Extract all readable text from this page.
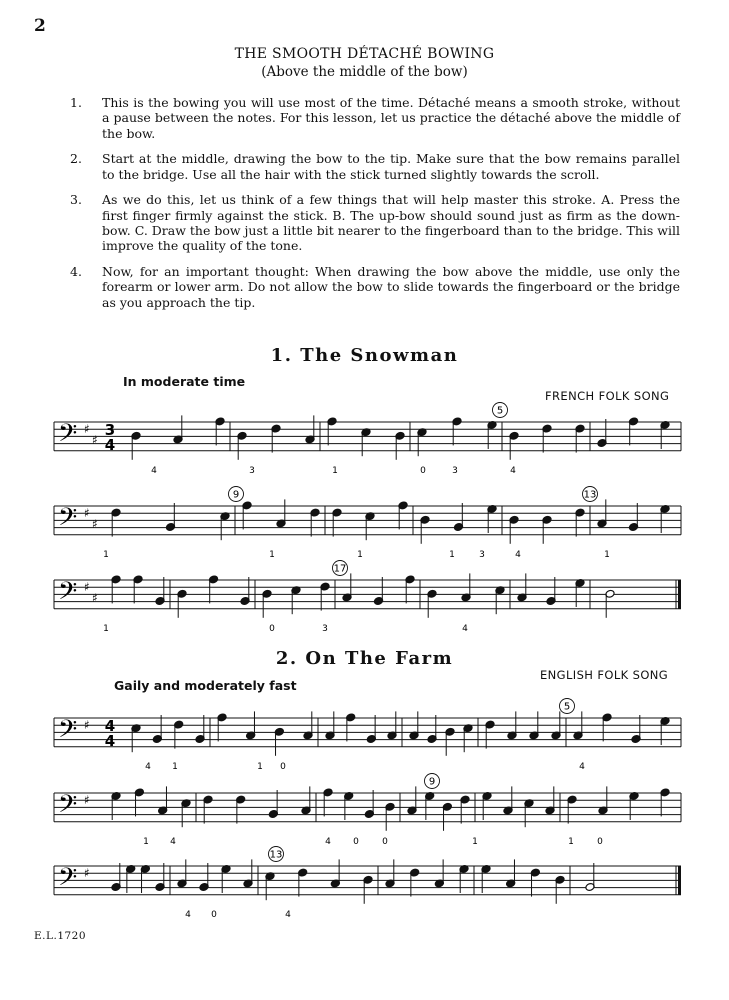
2
THE SMOOTH DÉTACHÉ BOWING
(Above the middle of the bow)
1. This is the bowing you will use most of the time. Détaché means a smooth stroke, without a pause between the notes. For this lesson, let us practice the détaché above the middle of the bow.
2. Start at the middle, drawing the bow to the tip. Make sure that the bow remains parallel to the bridge. Use all the hair with the stick turned slightly towards the scroll.
3. As we do this, let us think of a few things that will help master this stroke. A. Press the first finger firmly against the stick. B. The up-bow should sound just as firm as the down-bow. C. Draw the bow just a little bit nearer to the fingerboard than to the bridge. This will improve the quality of the tone.
4. Now, for an important thought: When drawing the bow above the middle, use only the forearm or lower arm. Do not allow the bow to slide towards the fingerboard or the bridge as you approach the tip.
1. The Snowman
In moderate time
FRENCH FOLK SONG
𝄢 ♯
♯
3
4
5
4	3	1	0	3	4
𝄢 ♯
♯
9	13
1	1	1	1	3	4	1
𝄢 ♯
♯
17
1	0	3	4
2. On The Farm
Gaily and moderately fast
ENGLISH FOLK SONG
𝄢 ♯ 4
4
5
4 1	1 0	4
𝄢 ♯
9
1 4	4 0	0	1	1	0
𝄢 ♯
13
4 0	4
E.L.1720
